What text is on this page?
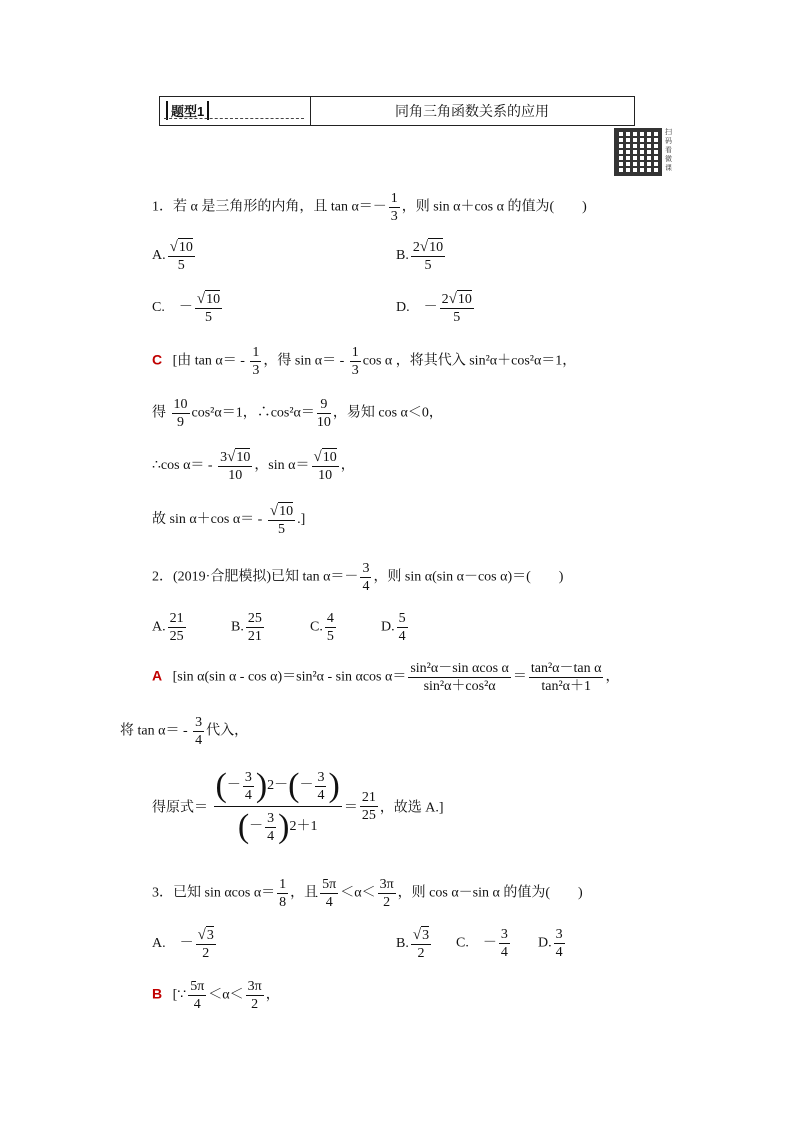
题型1	同角三角函数关系的应用
扫码看微课
1．若 α 是三角形的内角，且 $\tan \alpha=- \frac{1}{3}$ ，则 sin α＋cos α 的值为(　　)
A. $\frac{√10}{5}$	B. $\frac{2√10}{5}$
C.　－ $\frac{√10}{5}$	D.　－ $\frac{2√10}{5}$
C [由 $\tan \alpha= - \frac{1}{3}$ ，得 $\sin \alpha= - \frac{1}{3}$ cos α ，将其代入 sin²α＋cos²α＝1，
得 $\frac{10}{9} \cos^2\alpha=1$，∴cos²α＝ $\frac{9}{10}$ ，易知 cos α＜0，
∴cos $\alpha= - \frac{3√10}{10}$ ，$\sin \alpha= \frac{√10}{10}$ ，
故 sin α＋cos $\alpha= - \frac{√10}{5}$ .]
2．(2019·合肥模拟)已知 $\tan \alpha=- \frac{3}{4}$ ，则 sin α(sin α－cos α)＝(　　)
A. $\frac{21}{25}$	B. $\frac{25}{21}$	C. $\frac{4}{5}$	D. $\frac{5}{4}$
A [sin α(sin α - cos α)＝sin²α - sin αcos $\alpha= \frac{\text{sin²α－sin αcos α}}{\text{sin²α＋cos²α}} = \frac{\text{tan²α－tan α}}{\text{tan²α＋1}}$ ，
将 $\tan \alpha= - \frac{3}{4}$ 代入，
得原式＝ $\frac{(- \frac{3}{4} )2-(- \frac{3}{4} )}{(- \frac{3}{4} )2+1} = \frac{21}{25}$ ，故选 A.]
3．已知 sin αcos $\alpha= \frac{1}{8}$ ，且 $\frac{5\pi}{4} <\alpha< \frac{3\pi}{2}$ ，则 cos α－sin α 的值为(　　)
A.　－ $\frac{√3}{2}$	B. $\frac{√3}{2} C$.　－ $\frac{3}{4} D$. $\frac{3}{4}$
B [∵ $\frac{5\pi}{4} <\alpha< \frac{3\pi}{2}$ ，
